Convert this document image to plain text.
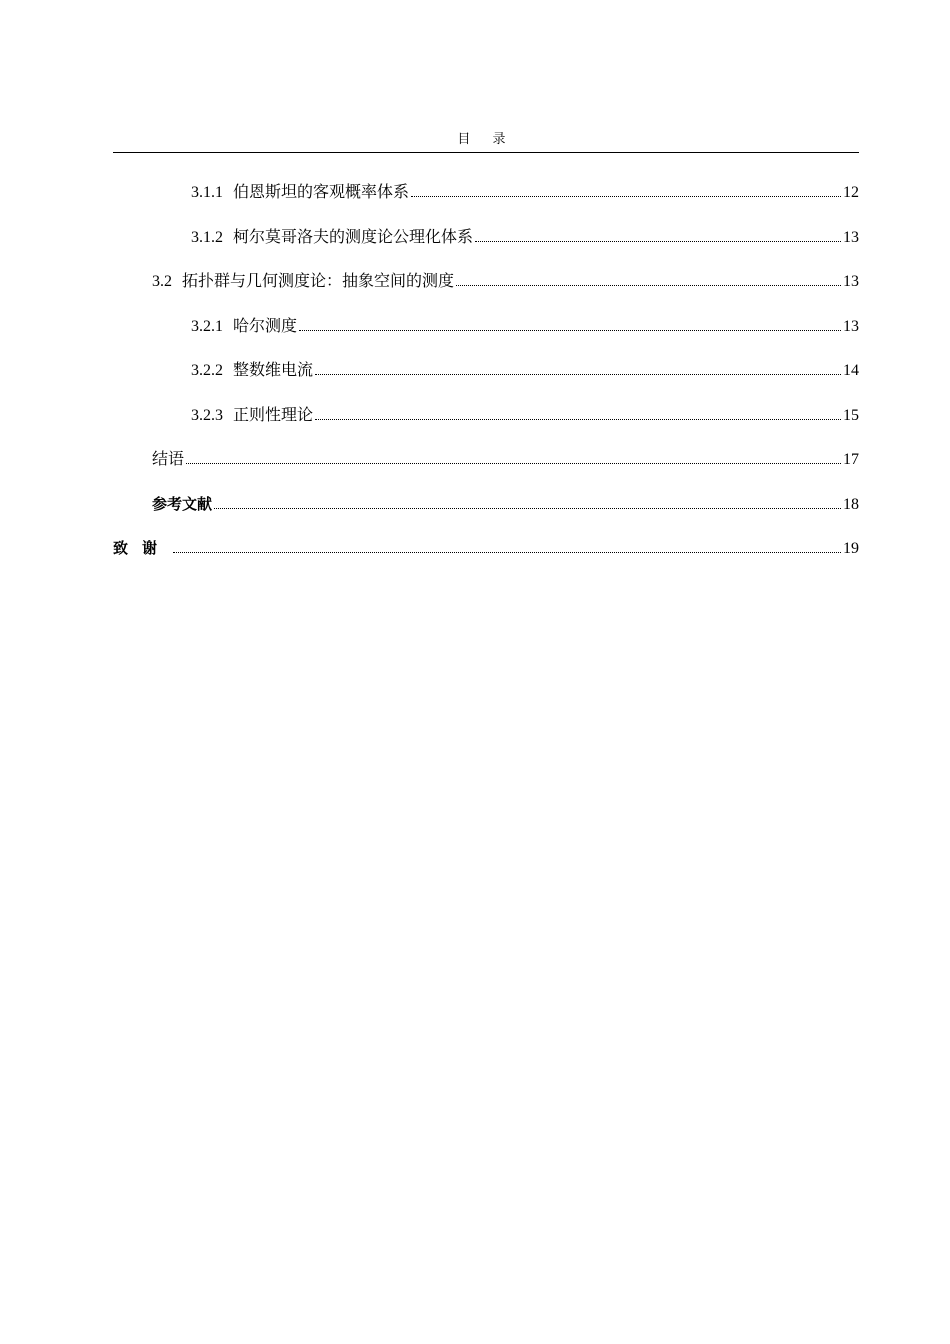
目 录
3.1.1 伯恩斯坦的客观概率体系	12
3.1.2 柯尔莫哥洛夫的测度论公理化体系	13
3.2 拓扑群与几何测度论：抽象空间的测度	13
3.2.1 哈尔测度	13
3.2.2 整数维电流	14
3.2.3 正则性理论	15
结语	17
参考文献	18
致谢	19
